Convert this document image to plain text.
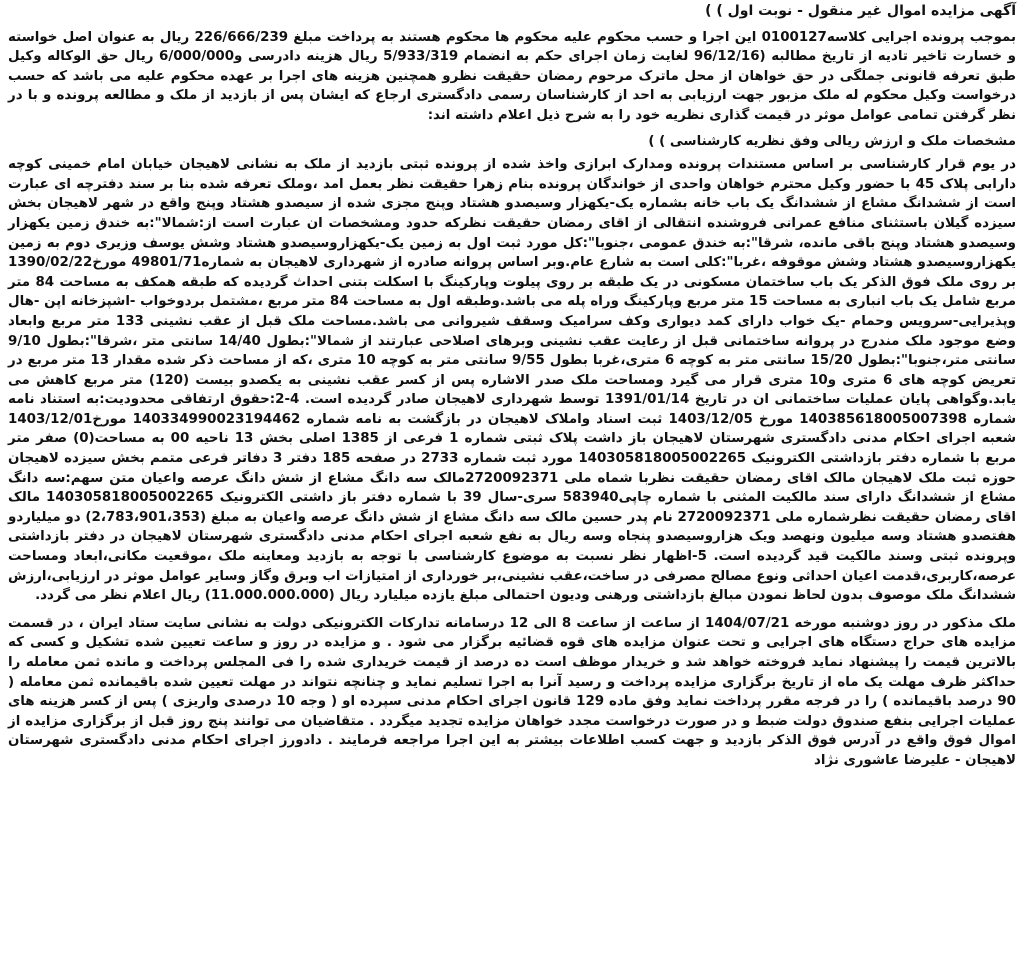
آگهی مزایده اموال غیر منقول - نوبت اول ) )

بموجب پرونده اجرایی کلاسه0100127 این اجرا و حسب محکوم علیه محکوم ها محکوم هستند به پرداخت مبلغ 226/666/239 ریال به عنوان اصل خواسته و خسارت تاخیر تادیه از تاریخ مطالبه (96/12/16 لغایت زمان اجرای حکم به انضمام 5/933/319 ریال هزینه دادرسی و6/000/000 ریال حق الوکاله وکیل طبق تعرفه قانونی جملگی در حق خواهان از محل ماترک مرحوم رمضان حقیقت نظرو همچنین هزینه های اجرا بر عهده محکوم علیه می باشد که حسب درخواست وکیل محکوم له ملک مزبور جهت ارزیابی به احد از کارشناسان رسمی دادگستری ارجاع که ایشان پس از بازدید از ملک و مطالعه پرونده و با در نظر گرفتن تمامی عوامل موثر در قیمت گذاری نظریه خود را به شرح ذیل اعلام داشته اند:

مشخصات ملک و ارزش ریالی وفق نظریه کارشناسی ) )

در یوم قرار کارشناسی بر اساس مستندات پرونده ومدارک ابرازی واخذ شده از پرونده ثبتی بازدید از ملک به نشانی لاهیجان خیابان امام خمینی کوچه دارابی پلاک 45 با حضور وکیل محترم خواهان واحدی از خواندگان پرونده بنام زهرا حقیقت نظر بعمل امد ،وملک تعرفه شده بنا بر سند دفترچه ای عبارت است از ششدانگ مشاع از ششدانگ یک باب خانه بشماره یک-یکهزار وسیصدو هشتاد وپنج مجزی شده از سیصدو هشتاد وپنج واقع در شهر لاهیجان بخش سیزده گیلان باستثنای منافع عمرانی فروشنده انتقالی از اقای رمضان حقیقت نظرکه حدود ومشخصات ان عبارت است از:شمالا":به خندق زمین یکهزار وسیصدو هشتاد وپنج باقی مانده، شرقا":به خندق عمومی ،جنوبا":کل مورد ثبت اول به زمین یک-یکهزاروسیصدو هشتاد وشش یوسف وزیری دوم به زمین یکهزاروسیصدو هشتاد وشش موقوفه ،غربا":کلی است به شارع عام.وبر اساس پروانه صادره از شهرداری لاهیجان به شماره49801/71 مورخ1390/02/22 بر روی ملک فوق الذکر یک باب ساختمان مسکونی در یک طبقه بر روی پیلوت وپارکینگ با اسکلت بتنی احداث گردیده که طبقه همکف به مساحت 84 متر مربع شامل یک باب انباری به مساحت 15 متر مربع وپارکینگ وراه پله می باشد.وطبقه اول به مساحت 84 متر مربع ،مشتمل بردوخواب -اشپزخانه اپن -هال وپذیرایی-سرویس وحمام -یک خواب دارای کمد دیواری وکف سرامیک وسقف شیروانی می باشد.مساحت ملک قبل از عقب نشینی 133 متر مربع وابعاد وضع موجود ملک مندرج در پروانه ساختمانی قبل از رعایت عقب نشینی وبرهای اصلاحی عبارتند از شمالا":بطول 14/40 سانتی متر ،شرقا":بطول 9/10 سانتی متر،جنوبا":بطول 15/20 سانتی متر به کوچه 6 متری،غربا بطول 9/55 سانتی متر به کوچه 10 متری ،که از مساحت ذکر شده مقدار 13 متر مربع در تعریض کوچه های 6 متری و10 متری قرار می گیرد ومساحت ملک صدر الاشاره پس از کسر عقب نشینی به یکصدو بیست (120) متر مربع کاهش می یابد.وگواهی پایان عملیات ساختمانی ان در تاریخ 1391/01/14 توسط شهرداری لاهیجان صادر گردیده است. 4-2:حقوق ارتفاقی محدودیت:به استناد نامه شماره 140385618005007398 مورخ 1403/12/05 ثبت اسناد واملاک لاهیجان در بازگشت به نامه شماره 140334990023194462 مورخ1403/12/01 شعبه اجرای احکام مدنی دادگستری شهرستان لاهیجان باز داشت پلاک ثبتی شماره 1 فرعی از 1385 اصلی بخش 13 ناحیه 00 به مساحت(0) صفر متر مربع با شماره دفتر بازداشتی الکترونیک 140305818005002265 مورد ثبت شماره 2733 در صفحه 185 دفتر 3 دفاتر فرعی متمم بخش سیزده لاهیجان حوزه ثبت ملک لاهیجان مالک اقای رمضان حقیقت نظربا شماه ملی 2720092371مالک سه دانگ مشاع از شش دانگ عرصه واعیان متن سهم:سه دانگ مشاع از ششدانگ دارای سند مالکیت المثنی با شماره چاپی583940 سری-سال 39 با شماره دفتر باز داشتی الکترونیک 140305818005002265 مالک اقای رمضان حقیقت نظرشماره ملی 2720092371 نام پدر حسین مالک سه دانگ مشاع از شش دانگ عرصه واعیان به مبلغ (2،783،901،353) دو میلیاردو هفتصدو هشتاد وسه میلیون ونهصد ویک هزاروسیصدو پنجاه وسه ریال به نفع شعبه اجرای احکام مدنی دادگستری شهرستان لاهیجان در دفتر بازداشتی وپرونده ثبتی وسند مالکیت قید گردیده است. 5-اظهار نظر نسبت به موضوع کارشناسی با توجه به بازدید ومعاینه ملک ،موقعیت مکانی،ابعاد ومساحت عرصه،کاربری،قدمت اعیان احداثی ونوع مصالح مصرفی در ساخت،عقب نشینی،بر خورداری از امتیازات اب وبرق وگاز وسایر عوامل موثر در ارزیابی،ارزش ششدانگ ملک موصوف بدون لحاظ نمودن مبالغ بازداشتی ورهنی ودیون احتمالی مبلغ یازده میلیارد ریال (11.000.000.000) ریال اعلام نظر می گردد.

ملک مذکور در روز دوشنبه مورخه 1404/07/21 از ساعت از ساعت 8 الی 12 درسامانه تدارکات الکترونیکی دولت به نشانی سایت ستاد ایران ، در قسمت مزایده های حراج دستگاه های اجرایی و تحت عنوان مزایده های قوه قضائیه برگزار می شود . و مزایده در روز و ساعت تعیین شده تشکیل و کسی که بالاترین قیمت را پیشنهاد نماید فروخته خواهد شد و خریدار موظف است ده درصد از قیمت خریداری شده را فی المجلس پرداخت و مانده ثمن معامله را حداکثر ظرف مهلت یک ماه از تاریخ برگزاری مزایده پرداخت و رسید آنرا به اجرا تسلیم نماید و چنانچه نتواند در مهلت تعیین شده باقیمانده ثمن معامله ( 90 درصد باقیمانده ) را در فرجه مقرر پرداخت نماید وفق ماده 129 قانون اجرای احکام مدنی سپرده او ( وجه 10 درصدی واریزی ) پس از کسر هزینه های عملیات اجرایی بنفع صندوق دولت ضبط و در صورت درخواست مجدد خواهان مزایده تجدید میگردد . متقاضیان می توانند پنج روز قبل از برگزاری مزایده از اموال فوق واقع در آدرس فوق الذکر بازدید و جهت کسب اطلاعات بیشتر به این اجرا مراجعه فرمایند . دادورز اجرای احکام مدنی دادگستری شهرستان لاهیجان - علیرضا عاشوری نژاد
